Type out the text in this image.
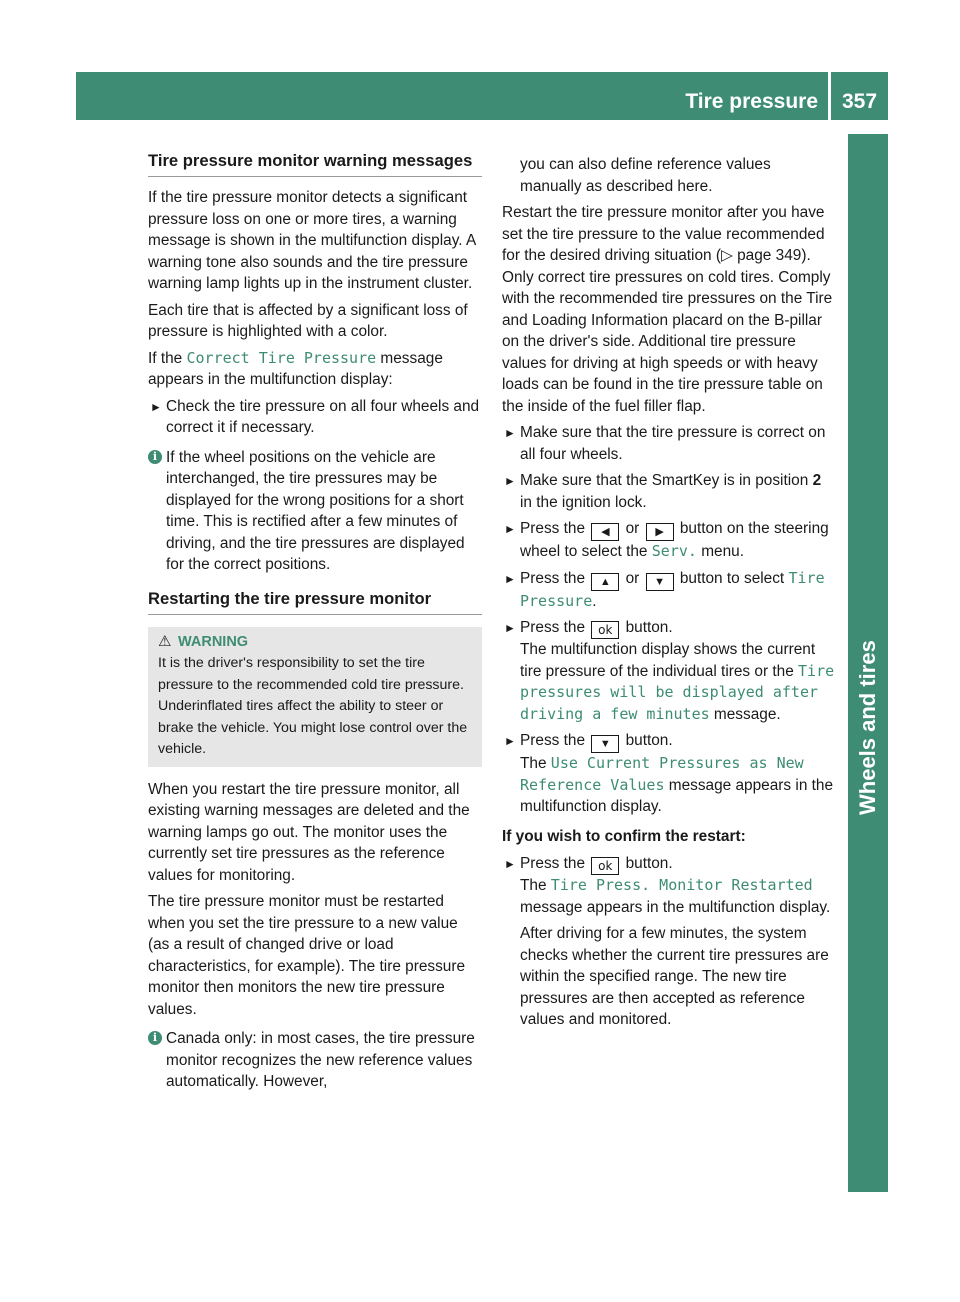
Tire pressure 357
Wheels and tires
Tire pressure monitor warning messages

If the tire pressure monitor detects a significant pressure loss on one or more tires, a warning message is shown in the multifunction display. A warning tone also sounds and the tire pressure warning lamp lights up in the instrument cluster.

Each tire that is affected by a significant loss of pressure is highlighted with a color.

If the Correct Tire Pressure message appears in the multifunction display:

► Check the tire pressure on all four wheels and correct it if necessary.
i If the wheel positions on the vehicle are interchanged, the tire pressures may be displayed for the wrong positions for a short time. This is rectified after a few minutes of driving, and the tire pressures are displayed for the correct positions.
Restarting the tire pressure monitor
⚠ WARNING
It is the driver's responsibility to set the tire pressure to the recommended cold tire pressure. Underinflated tires affect the ability to steer or brake the vehicle. You might lose control over the vehicle.

When you restart the tire pressure monitor, all existing warning messages are deleted and the warning lamps go out. The monitor uses the currently set tire pressures as the reference values for monitoring.

The tire pressure monitor must be restarted when you set the tire pressure to a new value (as a result of changed drive or load characteristics, for example). The tire pressure monitor then monitors the new tire pressure values.

i Canada only: in most cases, the tire pressure monitor recognizes the new reference values automatically. However,
you can also define reference values manually as described here.

Restart the tire pressure monitor after you have set the tire pressure to the value recommended for the desired driving situation (▷ page 349). Only correct tire pressures on cold tires. Comply with the recommended tire pressures on the Tire and Loading Information placard on the B-pillar on the driver's side. Additional tire pressure values for driving at high speeds or with heavy loads can be found in the tire pressure table on the inside of the fuel filler flap.

► Make sure that the tire pressure is correct on all four wheels.
► Make sure that the SmartKey is in position 2 in the ignition lock.
► Press the ◀ or ▶ button on the steering wheel to select the Serv. menu.
► Press the ▲ or ▼ button to select Tire Pressure.
► Press the ok button.
The multifunction display shows the current tire pressure of the individual tires or the Tire pressures will be displayed after driving a few minutes message.
► Press the ▼ button.
The Use Current Pressures as New Reference Values message appears in the multifunction display.
If you wish to confirm the restart:
► Press the ok button.
The Tire Press. Monitor Restarted message appears in the multifunction display.
After driving for a few minutes, the system checks whether the current tire pressures are within the specified range. The new tire pressures are then accepted as reference values and monitored.
